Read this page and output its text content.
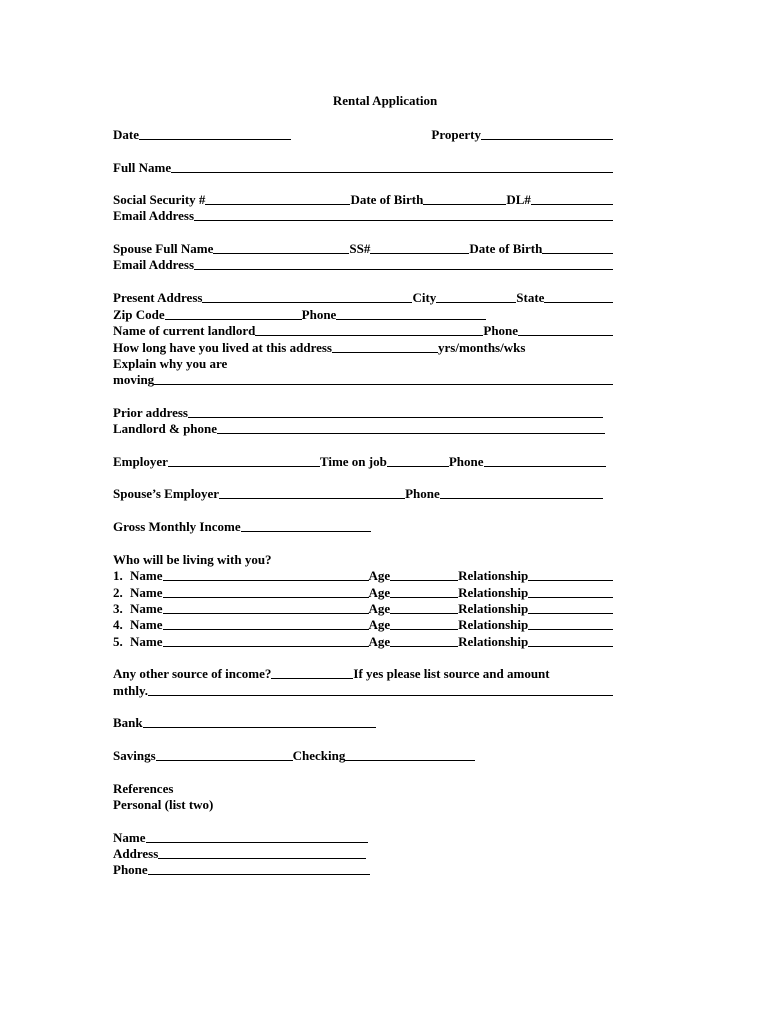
Rental Application
Date	Property
Full Name
Social Security #	Date of Birth	DL#
Email Address
Spouse Full Name	SS#	Date of Birth
Email Address
Present Address	City	State
Zip Code	Phone
Name of current landlord	Phone
How long have you lived at this address	yrs/months/wks
Explain why you are
moving
Prior address
Landlord & phone
Employer	Time on job	Phone
Spouse’s Employer	Phone
Gross Monthly Income
Who will be living with you?
1. Name	Age	Relationship
2. Name	Age	Relationship
3. Name	Age	Relationship
4. Name	Age	Relationship
5. Name	Age	Relationship
Any other source of income?	If yes please list source and amount
mthly.
Bank
Savings	Checking
References
Personal (list two)
Name
Address
Phone
